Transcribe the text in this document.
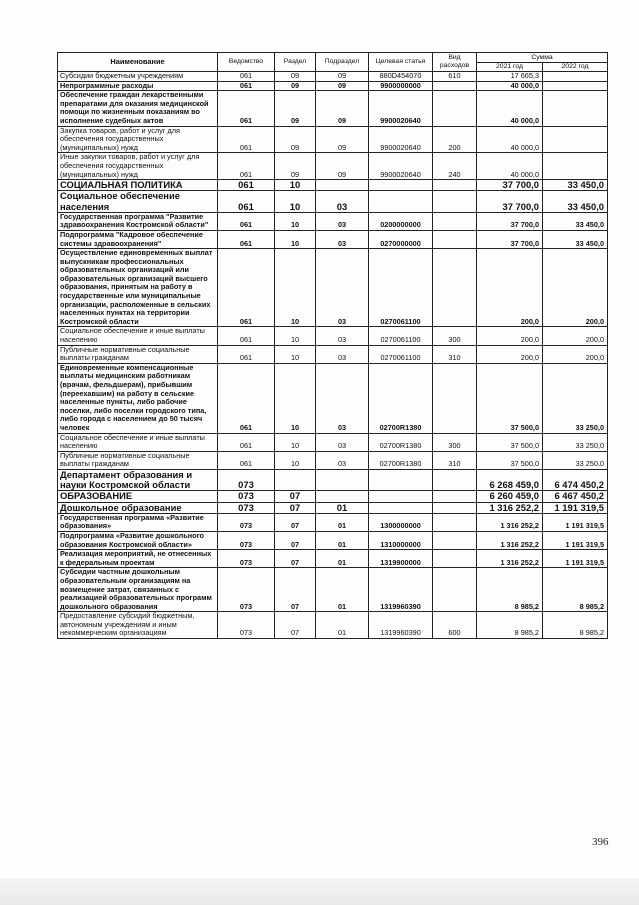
Наименование	Ведомство	Раздел	Подраздел	Целевая статья	Вид расходов	Сумма	
						2021 год	2022 год
Субсидии бюджетным учреждениям	061	09	09	880D454070	610	17 665,3	
Непрограммные расходы	061	09	09	9900000000		40 000,0	
Обеспечение граждан лекарственными препаратами для оказания медицинской помощи по жизненным показаниям во исполнение судебных актов	061	09	09	9900020640		40 000,0	
Закупка товаров, работ и услуг для обеспечения государственных (муниципальных) нужд	061	09	09	9900020640	200	40 000,0	
Иные закупки товаров, работ и услуг для обеспечения государственных (муниципальных) нужд	061	09	09	9900020640	240	40 000,0	
СОЦИАЛЬНАЯ ПОЛИТИКА	061	10				37 700,0	33 450,0
Социальное обеспечение населения	061	10	03			37 700,0	33 450,0
Государственная программа "Развитие здравоохранения Костромской области"	061	10	03	0200000000		37 700,0	33 450,0
Подпрограмма "Кадровое обеспечение системы здравоохранения"	061	10	03	0270000000		37 700,0	33 450,0
Осуществление единовременных выплат выпускникам профессиональных образовательных организаций или образовательных организаций высшего образования, принятым на работу в государственные или муниципальные организации, расположенные в сельских населенных пунктах на территории Костромской области	061	10	03	0270061100		200,0	200,0
Социальное обеспечение и иные выплаты населению	061	10	03	0270061100	300	200,0	200,0
Публичные нормативные социальные выплаты гражданам	061	10	03	0270061100	310	200,0	200,0
Единовременные компенсационные выплаты медицинским работникам (врачам, фельдшерам), прибывшим (переехавшим) на работу в сельские населенные пункты, либо рабочие поселки, либо поселки городского типа, либо города с населением до 50 тысяч человек	061	10	03	02700R1380		37 500,0	33 250,0
Социальное обеспечение и иные выплаты населению	061	10	03	02700R1380	300	37 500,0	33 250,0
Публичные нормативные социальные выплаты гражданам	061	10	03	02700R1380	310	37 500,0	33 250,0
Департамент образования и науки Костромской области	073					6 268 459,0	6 474 450,2
ОБРАЗОВАНИЕ	073	07				6 260 459,0	6 467 450,2
Дошкольное образование	073	07	01			1 316 252,2	1 191 319,5
Государственная программа «Развитие образования»	073	07	01	1300000000		1 316 252,2	1 191 319,5
Подпрограмма «Развитие дошкольного образования Костромской области»	073	07	01	1310000000		1 316 252,2	1 191 319,5
Реализация мероприятий, не отнесенных к федеральным проектам	073	07	01	1319900000		1 316 252,2	1 191 319,5
Субсидии частным дошкольным образовательным организациям на возмещение затрат, связанных с реализацией образовательных программ дошкольного образования	073	07	01	1319960390		8 985,2	8 985,2
Предоставление субсидий бюджетным, автономным учреждениям и иным некоммерческим организациям	073	07	01	1319960390	600	8 985,2	8 985,2
396
